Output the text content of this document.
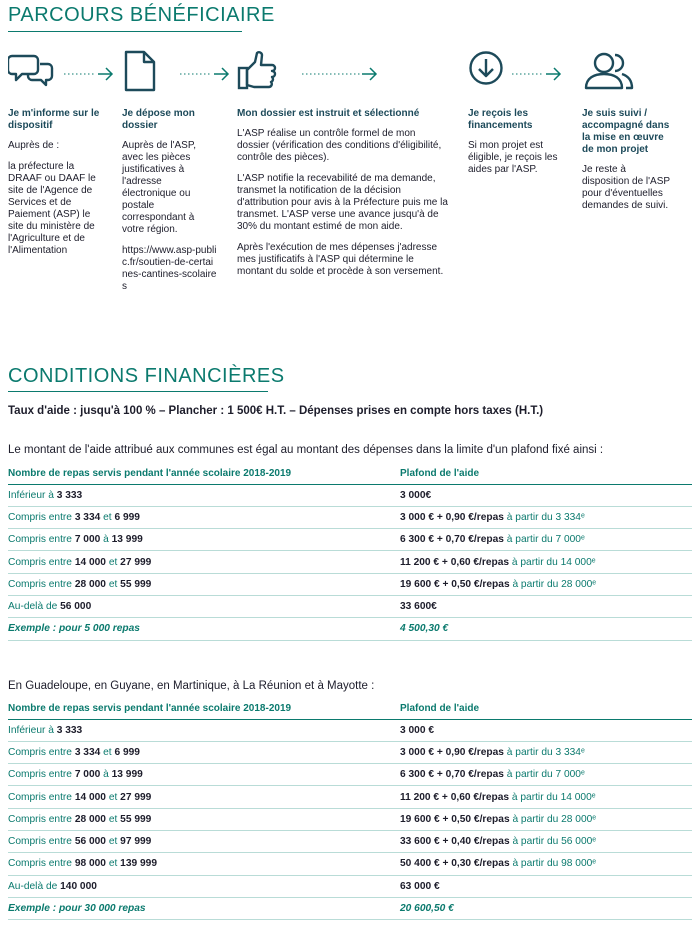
PARCOURS BÉNÉFICIAIRE
Je m'informe sur le dispositif

Auprès de :

la préfecture la DRAAF ou DAAF le site de l'Agence de Services et de Paiement (ASP) le site du ministère de l'Agriculture et de l'Alimentation

Je dépose mon dossier

Auprès de l'ASP, avec les pièces justificatives à l'adresse électronique ou postale correspondant à votre région.

https://www.asp-public.fr/soutien-de-certaines-cantines-scolaires

Mon dossier est instruit et sélectionné

L'ASP réalise un contrôle formel de mon dossier (vérification des conditions d'éligibilité, contrôle des pièces).

L'ASP notifie la recevabilité de ma demande, transmet la notification de la décision d'attribution pour avis à la Préfecture puis me la transmet. L'ASP verse une avance jusqu'à de 30% du montant estimé de mon aide.

Après l'exécution de mes dépenses j'adresse mes justificatifs à l'ASP qui détermine le montant du solde et procède à son versement.

Je reçois les financements

Si mon projet est éligible, je reçois les aides par l'ASP.

Je suis suivi / accompagné dans la mise en œuvre de mon projet

Je reste à disposition de l'ASP pour d'éventuelles demandes de suivi.

CONDITIONS FINANCIÈRES
Taux d'aide : jusqu'à 100 % – Plancher : 1 500€ H.T. – Dépenses prises en compte hors taxes (H.T.)
Le montant de l'aide attribué aux communes est égal au montant des dépenses dans la limite d'un plafond fixé ainsi :
Nombre de repas servis pendant l'année scolaire 2018-2019	Plafond de l'aide
Inférieur à 3 333	3 000€
Compris entre 3 334 et 6 999	3 000 € + 0,90 €/repas à partir du 3 334ᵉ
Compris entre 7 000 à 13 999	6 300 € + 0,70 €/repas à partir du 7 000ᵉ
Compris entre 14 000 et 27 999	11 200 € + 0,60 €/repas à partir du 14 000ᵉ
Compris entre 28 000 et 55 999	19 600 € + 0,50 €/repas à partir du 28 000ᵉ
Au-delà de 56 000	33 600€
Exemple : pour 5 000 repas	4 500,30 €
En Guadeloupe, en Guyane, en Martinique, à La Réunion et à Mayotte :
Nombre de repas servis pendant l'année scolaire 2018-2019	Plafond de l'aide
Inférieur à 3 333	3 000 €
Compris entre 3 334 et 6 999	3 000 € + 0,90 €/repas à partir du 3 334ᵉ
Compris entre 7 000 à 13 999	6 300 € + 0,70 €/repas à partir du 7 000ᵉ
Compris entre 14 000 et 27 999	11 200 € + 0,60 €/repas à partir du 14 000ᵉ
Compris entre 28 000 et 55 999	19 600 € + 0,50 €/repas à partir du 28 000ᵉ
Compris entre 56 000 et 97 999	33 600 € + 0,40 €/repas à partir du 56 000ᵉ
Compris entre 98 000 et 139 999	50 400 € + 0,30 €/repas à partir du 98 000ᵉ
Au-delà de 140 000	63 000 €
Exemple : pour 30 000 repas	20 600,50 €
